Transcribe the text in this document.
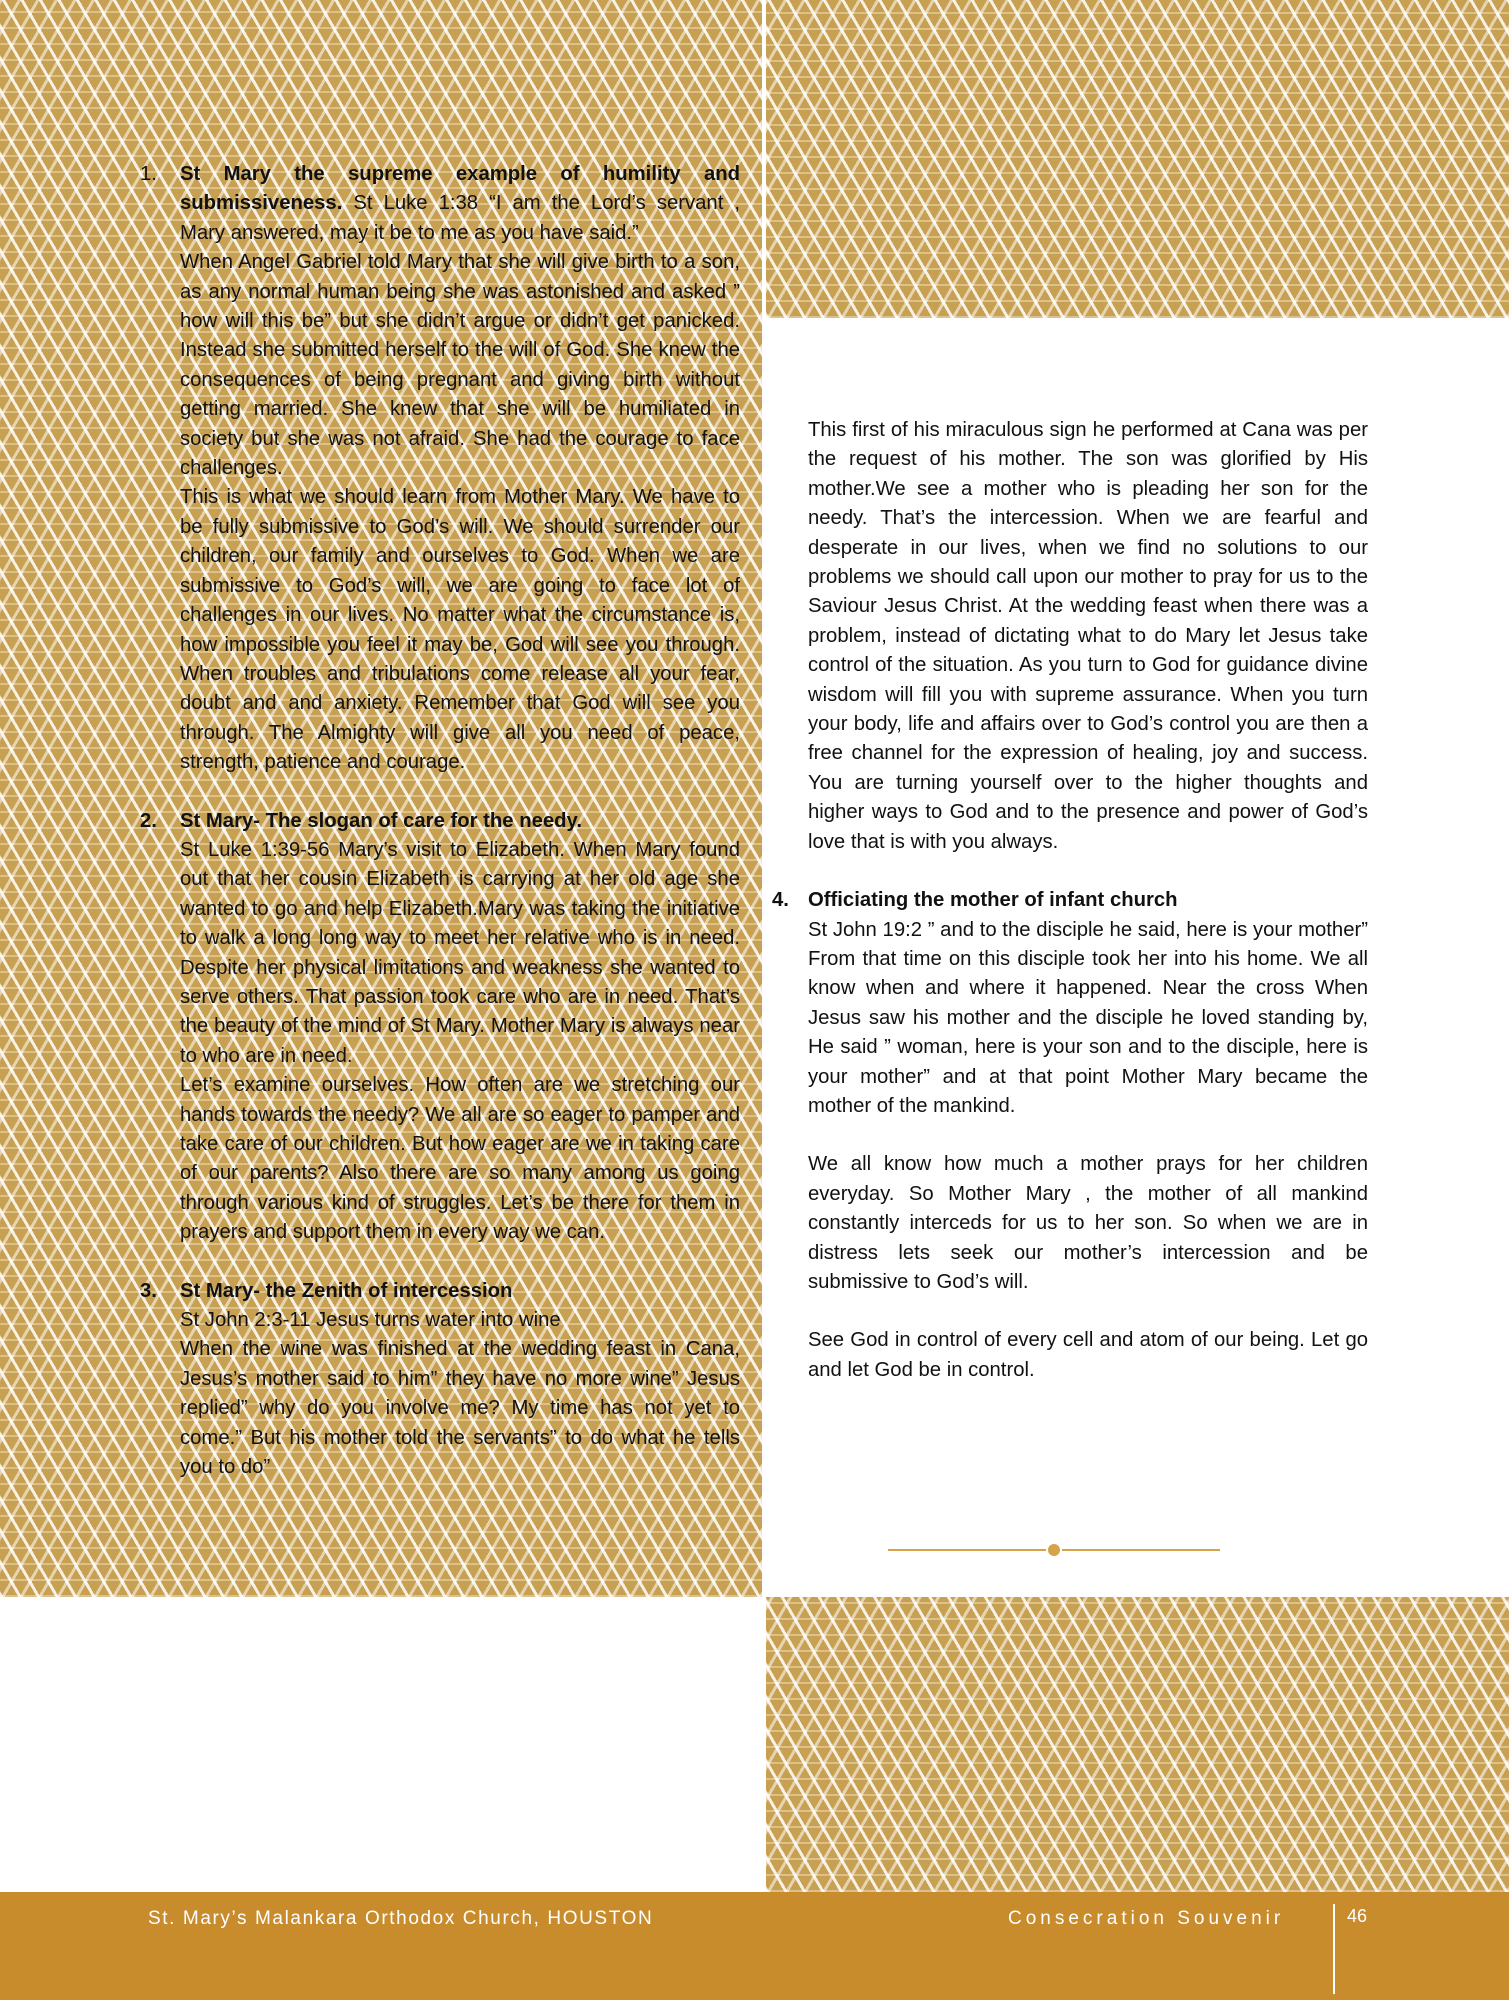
1. St Mary the supreme example of humility and submissiveness. St Luke 1:38 “I am the Lord’s servant , Mary answered, may it be to me as you have said.”

When Angel Gabriel told Mary that she will give birth to a son, as any normal human being she was astonished and asked ” how will this be” but she didn’t argue or didn’t get panicked. Instead she submitted herself to the will of God. She knew the consequences of being pregnant and giving birth without getting married. She knew that she will be humiliated in society but she was not afraid. She had the courage to face challenges.

This is what we should learn from Mother Mary. We have to be fully submissive to God’s will. We should surrender our children, our family and ourselves to God. When we are submissive to God’s will, we are going to face lot of challenges in our lives. No matter what the circumstance is, how impossible you feel it may be, God will see you through. When troubles and tribulations come release all your fear, doubt and and anxiety. Remember that God will see you through. The Almighty will give all you need of peace, strength, patience and courage.

2. St Mary- The slogan of care for the needy.

St Luke 1:39-56 Mary’s visit to Elizabeth. When Mary found out that her cousin Elizabeth is carrying at her old age she wanted to go and help Elizabeth.Mary was taking the initiative to walk a long long way to meet her relative who is in need. Despite her physical limitations and weakness she wanted to serve others. That passion took care who are in need. That’s the beauty of the mind of St Mary. Mother Mary is always near to who are in need.

Let’s examine ourselves. How often are we stretching our hands towards the needy? We all are so eager to pamper and take care of our children. But how eager are we in taking care of our parents? Also there are so many among us going through various kind of struggles. Let’s be there for them in prayers and support them in every way we can.

3. St Mary- the Zenith of intercession

St John 2:3-11 Jesus turns water into wine

When the wine was finished at the wedding feast in Cana, Jesus’s mother said to him” they have no more wine” Jesus replied” why do you involve me? My time has not yet to come.” But his mother told the servants” to do what he tells you to do”

This first of his miraculous sign he performed at Cana was per the request of his mother. The son was glorified by His mother.We see a mother who is pleading her son for the needy. That’s the intercession. When we are fearful and desperate in our lives, when we find no solutions to our problems we should call upon our mother to pray for us to the Saviour Jesus Christ. At the wedding feast when there was a problem, instead of dictating what to do Mary let Jesus take control of the situation. As you turn to God for guidance divine wisdom will fill you with supreme assurance. When you turn your body, life and affairs over to God’s control you are then a free channel for the expression of healing, joy and success. You are turning yourself over to the higher thoughts and higher ways to God and to the presence and power of God’s love that is with you always.

4. Officiating the mother of infant church

St John 19:2 ” and to the disciple he said, here is your mother” From that time on this disciple took her into his home. We all know when and where it happened. Near the cross When Jesus saw his mother and the disciple he loved standing by, He said ” woman, here is your son and to the disciple, here is your mother” and at that point Mother Mary became the mother of the mankind.

We all know how much a mother prays for her children everyday. So Mother Mary , the mother of all mankind constantly interceds for us to her son. So when we are in distress lets seek our mother’s intercession and be submissive to God’s will.

See God in control of every cell and atom of our being. Let go and let God be in control.

St. Mary’s Malankara Orthodox Church, HOUSTON	Consecration Souvenir	46
